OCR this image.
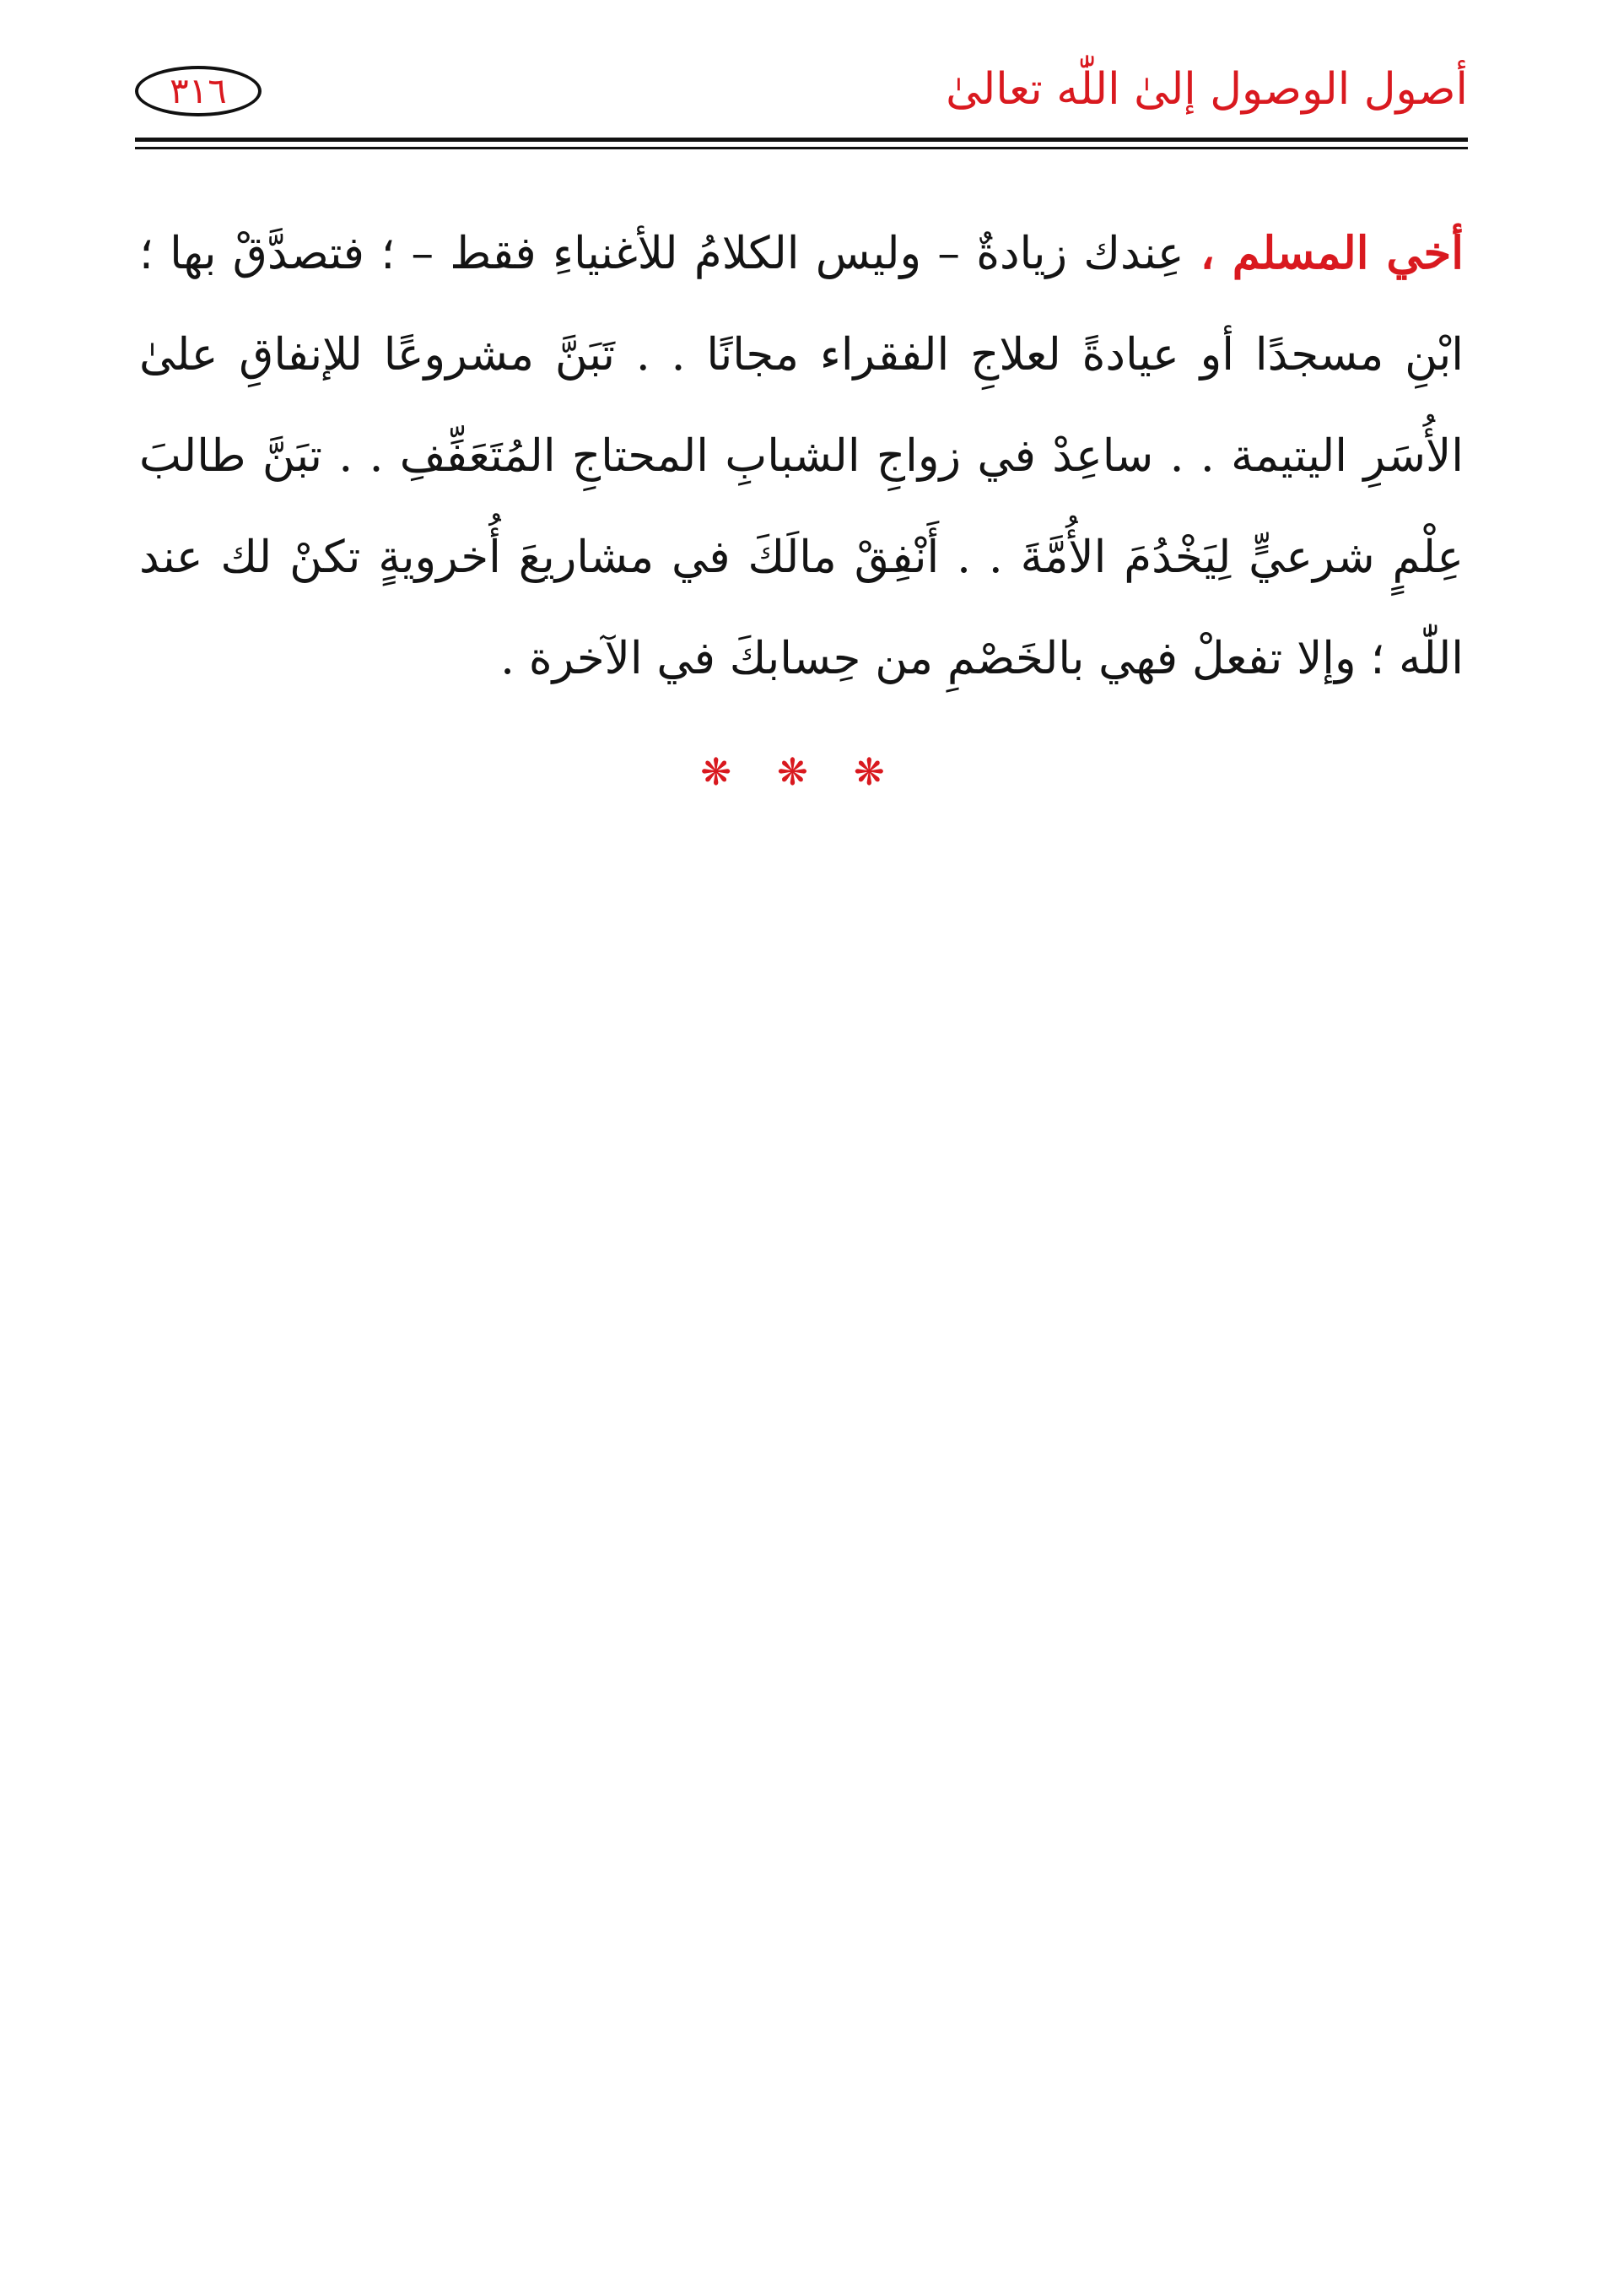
أصول الوصول إلىٰ اللّٰه تعالىٰ
٣١٦
أخي المسلم ، عِندك زيادةٌ – وليس الكلامُ للأغنياءِ فقط – ؛ فتصدَّقْ بها ؛ ابْنِ مسجدًا أو عيادةً لعلاجِ الفقراء مجانًا . . تَبَنَّ مشروعًا للإنفاقِ علىٰ الأُسَرِ اليتيمة . . ساعِدْ في زواجِ الشبابِ المحتاجِ المُتَعَفِّفِ . . تبَنَّ طالبَ عِلْمٍ شرعيٍّ لِيَخْدُمَ الأُمَّةَ . . أَنْفِقْ مالَكَ في مشاريعَ أُخرويةٍ تكنْ لك عند اللّٰه ؛ وإلا تفعلْ فهي بالخَصْمِ من حِسابكَ في الآخرة .
❋ ❋ ❋
